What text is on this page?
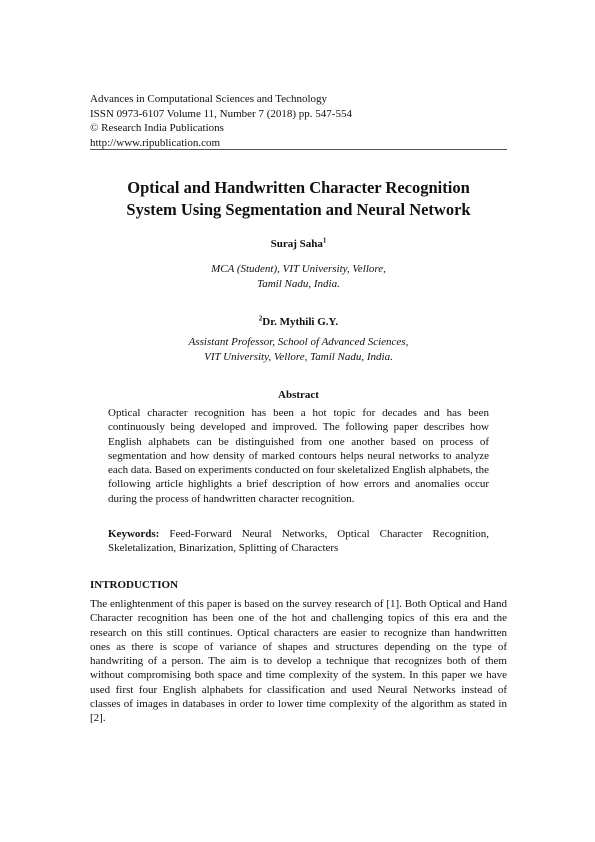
Advances in Computational Sciences and Technology
ISSN 0973-6107 Volume 11, Number 7 (2018) pp. 547-554
© Research India Publications
http://www.ripublication.com
Optical and Handwritten Character Recognition
System Using Segmentation and Neural Network
Suraj Saha$^1$
MCA (Student), VIT University, Vellore,
Tamil Nadu, India.
$^2$Dr. Mythili G.Y.
Assistant Professor, School of Advanced Sciences,
VIT University, Vellore, Tamil Nadu, India.
Abstract

Optical character recognition has been a hot topic for decades and has been continuously being developed and improved. The following paper describes how English alphabets can be distinguished from one another based on process of segmentation and how density of marked contours helps neural networks to analyze each data. Based on experiments conducted on four skeletalized English alphabets, the following article highlights a brief description of how errors and anomalies occur during the process of handwritten character recognition.

Keywords: Feed-Forward Neural Networks, Optical Character Recognition, Skeletalization, Binarization, Splitting of Characters

INTRODUCTION

The enlightenment of this paper is based on the survey research of [1]. Both Optical and Hand Character recognition has been one of the hot and challenging topics of this era and the research on this still continues. Optical characters are easier to recognize than handwritten ones as there is scope of variance of shapes and structures depending on the type of handwriting of a person. The aim is to develop a technique that recognizes both of them without compromising both space and time complexity of the system. In this paper we have used first four English alphabets for classification and used Neural Networks instead of classes of images in databases in order to lower time complexity of the algorithm as stated in [2].
